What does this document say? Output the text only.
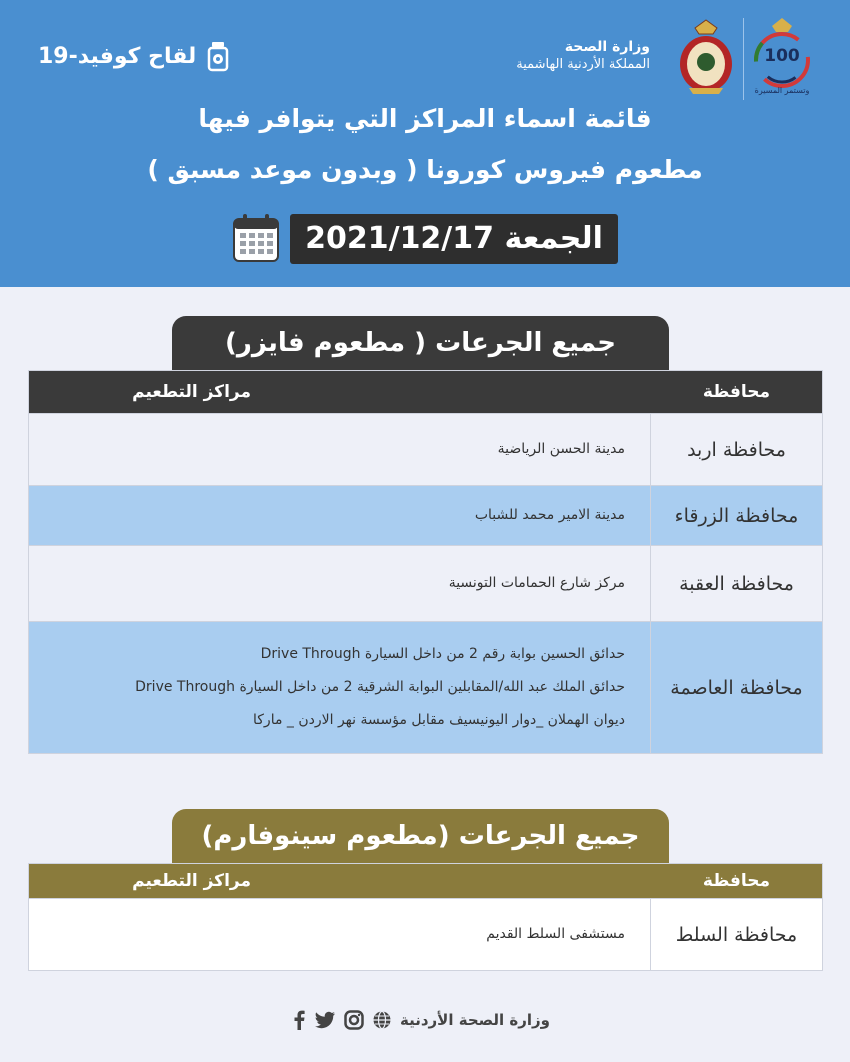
وزارة الصحة
المملكة الأردنية الهاشمية	100
وتستمر المسيرة
لقاح كوفيد-19
قائمة اسماء المراكز التي يتوافر فيها
مطعوم فيروس كورونا ( وبدون موعد مسبق )
الجمعة 2021/12/17
(مطعوم فايزر ) جميع الجرعات
محافظة
مراكز التطعيم
محافظة اربد
مدينة الحسن الرياضية
محافظة الزرقاء
مدينة الامير محمد للشباب
محافظة العقبة
مركز شارع الحمامات التونسية
محافظة العاصمة
حدائق الحسين بوابة رقم 2 من داخل السيارة Drive Through
حدائق الملك عبد الله/المقابلين البوابة الشرقية 2 من داخل السيارة Drive Through
ديوان الهملان _دوار اليونيسيف مقابل مؤسسة نهر الاردن _ ماركا
(مطعوم سينوفارم) جميع الجرعات
محافظة
مراكز التطعيم
محافظة السلط
مستشفى السلط القديم
وزارة الصحة الأردنية
